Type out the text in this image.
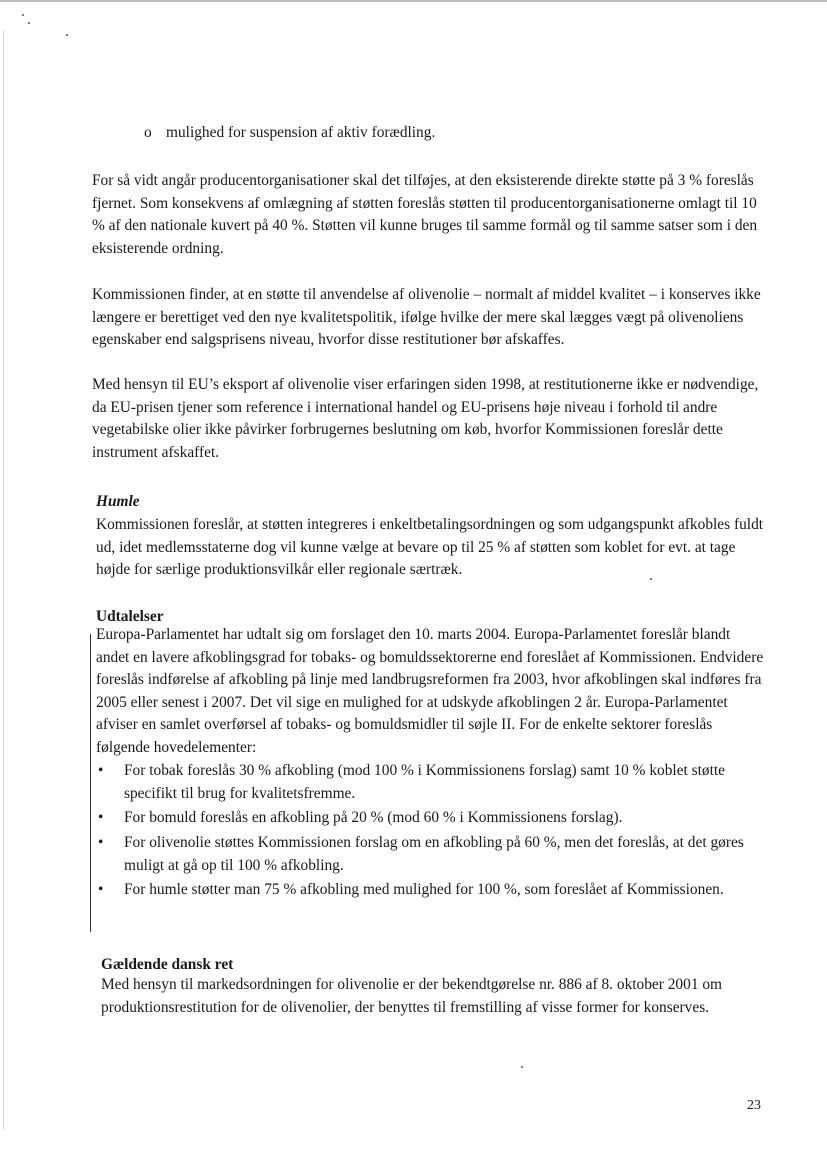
o mulighed for suspension af aktiv forædling.

For så vidt angår producentorganisationer skal det tilføjes, at den eksisterende direkte støtte på 3 % foreslås fjernet. Som konsekvens af omlægning af støtten foreslås støtten til producentorganisationerne omlagt til 10 % af den nationale kuvert på 40 %. Støtten vil kunne bruges til samme formål og til samme satser som i den eksisterende ordning.

Kommissionen finder, at en støtte til anvendelse af olivenolie – normalt af middel kvalitet – i konserves ikke længere er berettiget ved den nye kvalitetspolitik, ifølge hvilke der mere skal lægges vægt på olivenoliens egenskaber end salgsprisens niveau, hvorfor disse restitutioner bør afskaffes.

Med hensyn til EU’s eksport af olivenolie viser erfaringen siden 1998, at restitutionerne ikke er nødvendige, da EU-prisen tjener som reference i international handel og EU-prisens høje niveau i forhold til andre vegetabilske olier ikke påvirker forbrugernes beslutning om køb, hvorfor Kommissionen foreslår dette instrument afskaffet.

Humle

Kommissionen foreslår, at støtten integreres i enkeltbetalingsordningen og som udgangspunkt afkobles fuldt ud, idet medlemsstaterne dog vil kunne vælge at bevare op til 25 % af støtten som koblet for evt. at tage højde for særlige produktionsvilkår eller regionale særtræk.

Udtalelser

Europa-Parlamentet har udtalt sig om forslaget den 10. marts 2004. Europa-Parlamentet foreslår blandt andet en lavere afkoblingsgrad for tobaks- og bomuldssektorerne end foreslået af Kommissionen. Endvidere foreslås indførelse af afkobling på linje med landbrugsreformen fra 2003, hvor afkoblingen skal indføres fra 2005 eller senest i 2007. Det vil sige en mulighed for at udskyde afkoblingen 2 år. Europa-Parlamentet afviser en samlet overførsel af tobaks- og bomuldsmidler til søjle II. For de enkelte sektorer foreslås følgende hovedelementer:

• For tobak foreslås 30 % afkobling (mod 100 % i Kommissionens forslag) samt 10 % koblet støtte specifikt til brug for kvalitetsfremme.
• For bomuld foreslås en afkobling på 20 % (mod 60 % i Kommissionens forslag).
• For olivenolie støttes Kommissionen forslag om en afkobling på 60 %, men det foreslås, at det gøres muligt at gå op til 100 % afkobling.
• For humle støtter man 75 % afkobling med mulighed for 100 %, som foreslået af Kommissionen.
Gældende dansk ret

Med hensyn til markedsordningen for olivenolie er der bekendtgørelse nr. 886 af 8. oktober 2001 om produktionsrestitution for de olivenolier, der benyttes til fremstilling af visse former for konserves.

23
